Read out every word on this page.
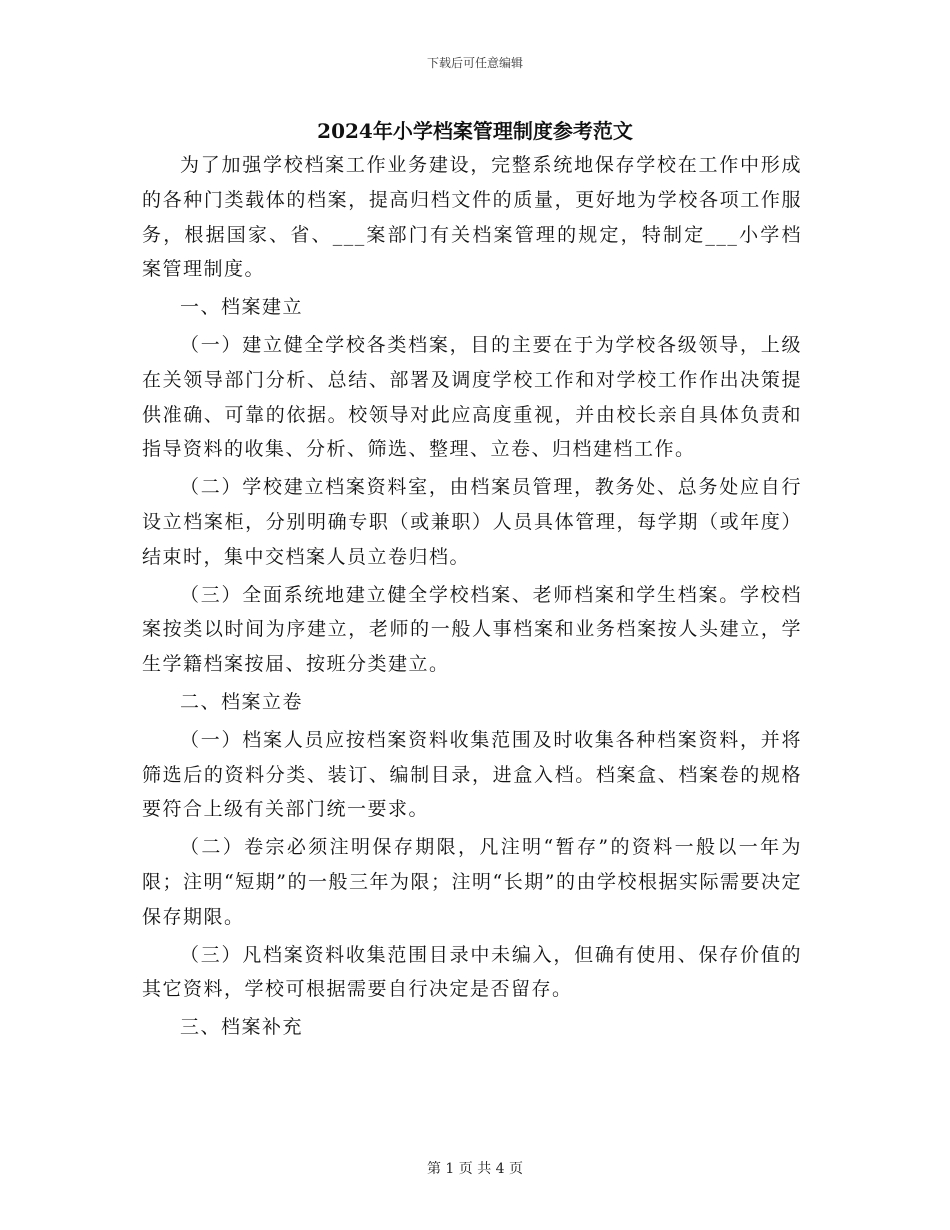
下载后可任意编辑
2024年小学档案管理制度参考范文

为了加强学校档案工作业务建设，完整系统地保存学校在工作中形成的各种门类载体的档案，提高归档文件的质量，更好地为学校各项工作服务，根据国家、省、___案部门有关档案管理的规定，特制定___小学档案管理制度。

一、档案建立

（一）建立健全学校各类档案，目的主要在于为学校各级领导，上级在关领导部门分析、总结、部署及调度学校工作和对学校工作作出决策提供准确、可靠的依据。校领导对此应高度重视，并由校长亲自具体负责和指导资料的收集、分析、筛选、整理、立卷、归档建档工作。

（二）学校建立档案资料室，由档案员管理，教务处、总务处应自行设立档案柜，分别明确专职（或兼职）人员具体管理，每学期（或年度）结束时，集中交档案人员立卷归档。

（三）全面系统地建立健全学校档案、老师档案和学生档案。学校档案按类以时间为序建立，老师的一般人事档案和业务档案按人头建立，学生学籍档案按届、按班分类建立。

二、档案立卷

（一）档案人员应按档案资料收集范围及时收集各种档案资料，并将筛选后的资料分类、装订、编制目录，进盒入档。档案盒、档案卷的规格要符合上级有关部门统一要求。

（二）卷宗必须注明保存期限，凡注明“暂存”的资料一般以一年为限；注明“短期”的一般三年为限；注明“长期”的由学校根据实际需要决定保存期限。

（三）凡档案资料收集范围目录中未编入，但确有使用、保存价值的其它资料，学校可根据需要自行决定是否留存。

三、档案补充

第 1 页 共 4 页
